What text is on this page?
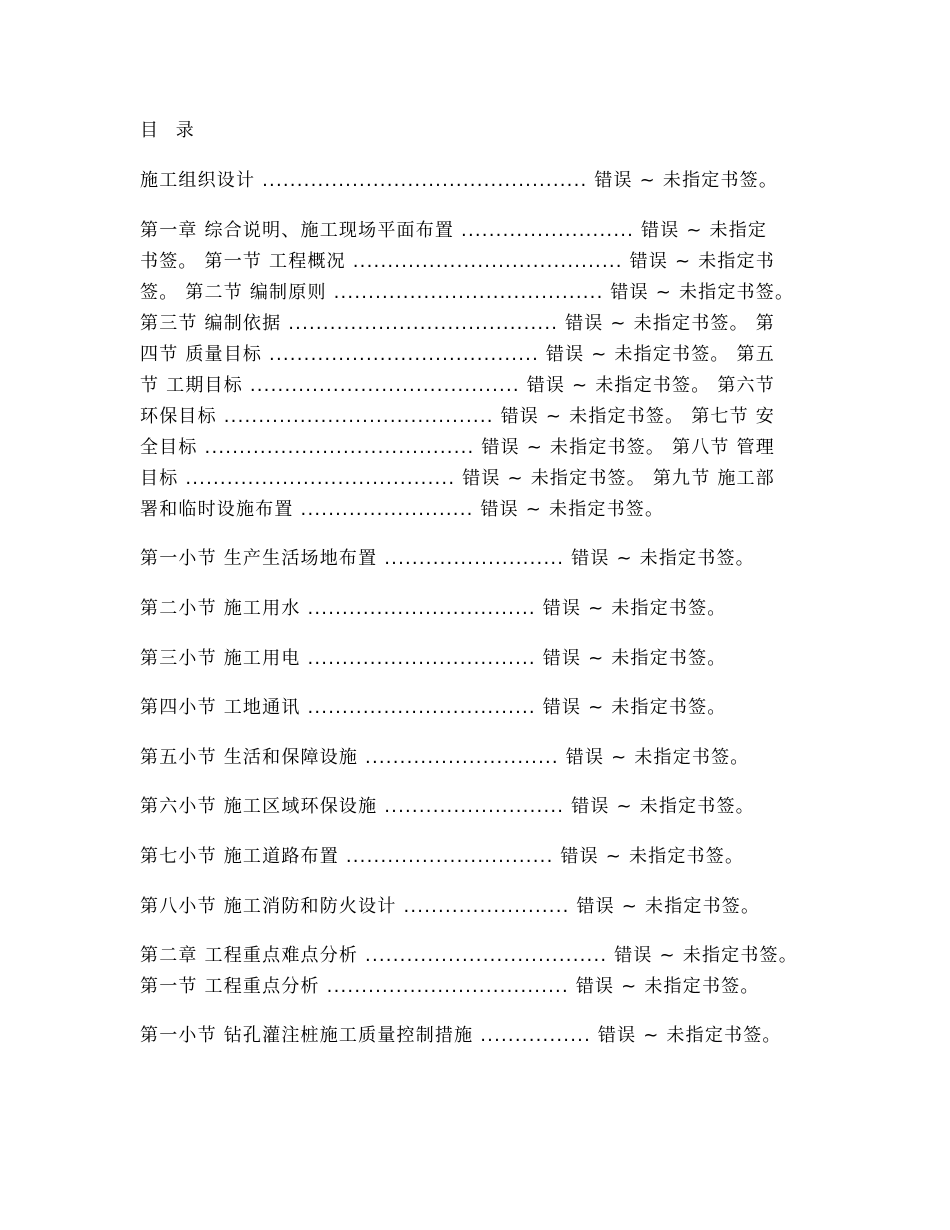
目 录
施工组织设计 ............................................... 错误 ~ 未指定书签。
第一章 综合说明、施工现场平面布置 ......................... 错误 ~ 未指定
书签。 第一节 工程概况 ....................................... 错误 ~ 未指定书
签。 第二节 编制原则 ....................................... 错误 ~ 未指定书签。
第三节 编制依据 ....................................... 错误 ~ 未指定书签。 第
四节 质量目标 ....................................... 错误 ~ 未指定书签。 第五
节 工期目标 ....................................... 错误 ~ 未指定书签。 第六节
环保目标 ....................................... 错误 ~ 未指定书签。 第七节 安
全目标 ....................................... 错误 ~ 未指定书签。 第八节 管理
目标 ....................................... 错误 ~ 未指定书签。 第九节 施工部
署和临时设施布置 ......................... 错误 ~ 未指定书签。
第一小节 生产生活场地布置 .......................... 错误 ~ 未指定书签。
第二小节 施工用水 ................................. 错误 ~ 未指定书签。
第三小节 施工用电 ................................. 错误 ~ 未指定书签。
第四小节 工地通讯 ................................. 错误 ~ 未指定书签。
第五小节 生活和保障设施 ............................ 错误 ~ 未指定书签。
第六小节 施工区域环保设施 .......................... 错误 ~ 未指定书签。
第七小节 施工道路布置 .............................. 错误 ~ 未指定书签。
第八小节 施工消防和防火设计 ........................ 错误 ~ 未指定书签。
第二章 工程重点难点分析 ................................... 错误 ~ 未指定书签。
第一节 工程重点分析 ................................... 错误 ~ 未指定书签。
第一小节 钻孔灌注桩施工质量控制措施 ................ 错误 ~ 未指定书签。
